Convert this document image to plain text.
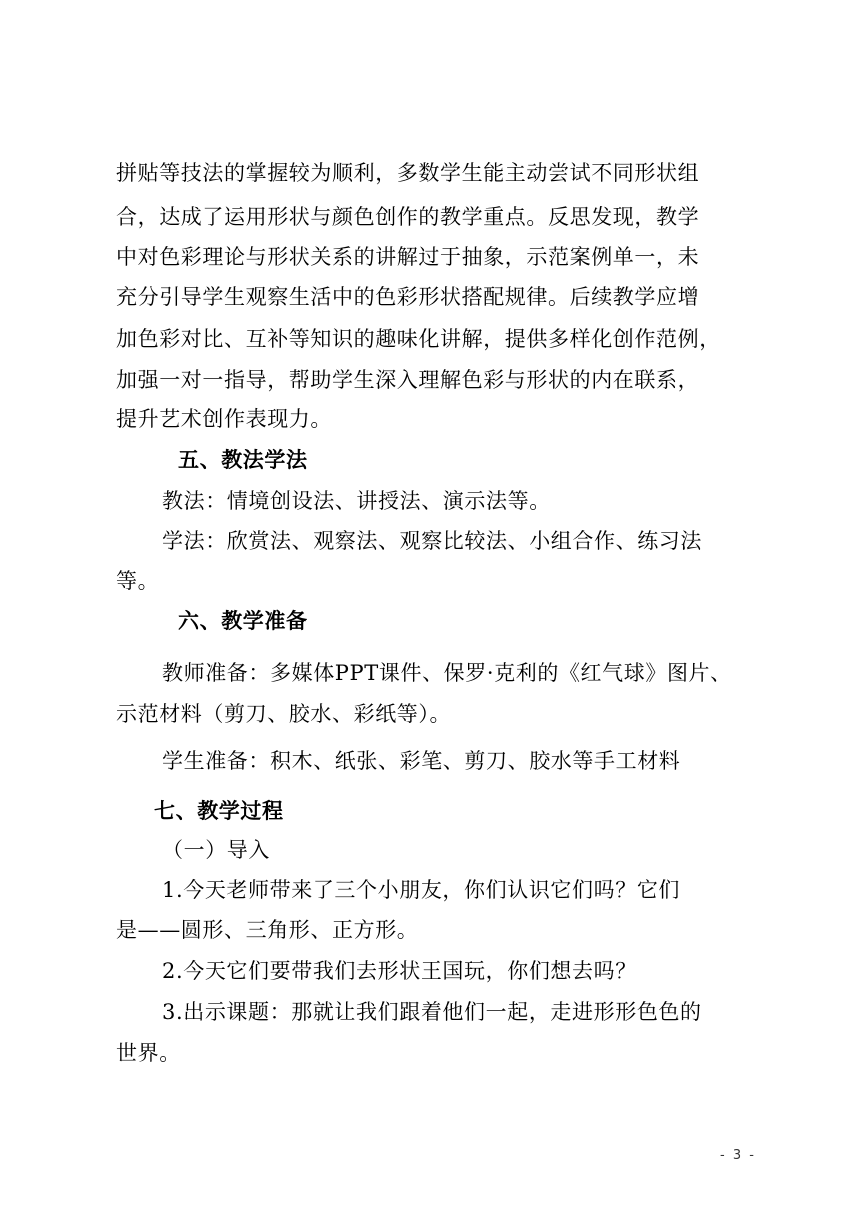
拼贴等技法的掌握较为顺利，多数学生能主动尝试不同形状组
合，达成了运用形状与颜色创作的教学重点。反思发现，教学
中对色彩理论与形状关系的讲解过于抽象，示范案例单一，未
充分引导学生观察生活中的色彩形状搭配规律。后续教学应增
加色彩对比、互补等知识的趣味化讲解，提供多样化创作范例，
加强一对一指导，帮助学生深入理解色彩与形状的内在联系，
提升艺术创作表现力。
五、教法学法
教法：情境创设法、讲授法、演示法等。
学法：欣赏法、观察法、观察比较法、小组合作、练习法
等。
六、教学准备
教师准备：多媒体PPT课件、保罗·克利的《红气球》图片、
示范材料（剪刀、胶水、彩纸等）。
学生准备：积木、纸张、彩笔、剪刀、胶水等手工材料
七、教学过程
（一）导入
1.今天老师带来了三个小朋友，你们认识它们吗？它们
是——圆形、三角形、正方形。
2.今天它们要带我们去形状王国玩，你们想去吗？
3.出示课题：那就让我们跟着他们一起，走进形形色色的
世界。
- 3 -
